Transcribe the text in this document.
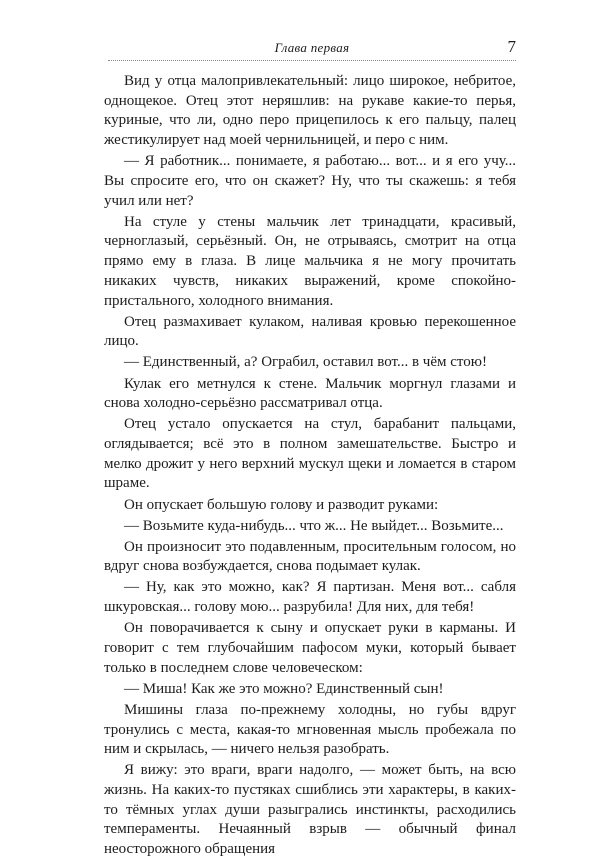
Глава первая	7

Вид у отца малопривлекательный: лицо широкое, небритое, однощекое. Отец этот неряшлив: на рукаве какие-то перья, куриные, что ли, одно перо прицепилось к его пальцу, палец жестикулирует над моей чернильницей, и перо с ним.

— Я работник... понимаете, я работаю... вот... и я его учу... Вы спросите его, что он скажет? Ну, что ты скажешь: я тебя учил или нет?

На стуле у стены мальчик лет тринадцати, красивый, черноглазый, серьёзный. Он, не отрываясь, смотрит на отца прямо ему в глаза. В лице мальчика я не могу прочитать никаких чувств, никаких выражений, кроме спокойно-пристального, холодного внимания.

Отец размахивает кулаком, наливая кровью перекошенное лицо.

— Единственный, а? Ограбил, оставил вот... в чём стою!

Кулак его метнулся к стене. Мальчик моргнул глазами и снова холодно-серьёзно рассматривал отца.

Отец устало опускается на стул, барабанит пальцами, оглядывается; всё это в полном замешательстве. Быстро и мелко дрожит у него верхний мускул щеки и ломается в старом шраме.

Он опускает большую голову и разводит руками:

— Возьмите куда-нибудь... что ж... Не выйдет... Возьмите...

Он произносит это подавленным, просительным голосом, но вдруг снова возбуждается, снова подымает кулак.

— Ну, как это можно, как? Я партизан. Меня вот... сабля шкуровская... голову мою... разрубила! Для них, для тебя!

Он поворачивается к сыну и опускает руки в карманы. И говорит с тем глубочайшим пафосом муки, который бывает только в последнем слове человеческом:

— Миша! Как же это можно? Единственный сын!

Мишины глаза по-прежнему холодны, но губы вдруг тронулись с места, какая-то мгновенная мысль пробежала по ним и скрылась, — ничего нельзя разобрать.

Я вижу: это враги, враги надолго, — может быть, на всю жизнь. На каких-то пустяках сшиблись эти характеры, в каких-то тёмных углах души разыгрались инстинкты, расходились темпераменты. Нечаянный взрыв — обычный финал неосторожного обращения
